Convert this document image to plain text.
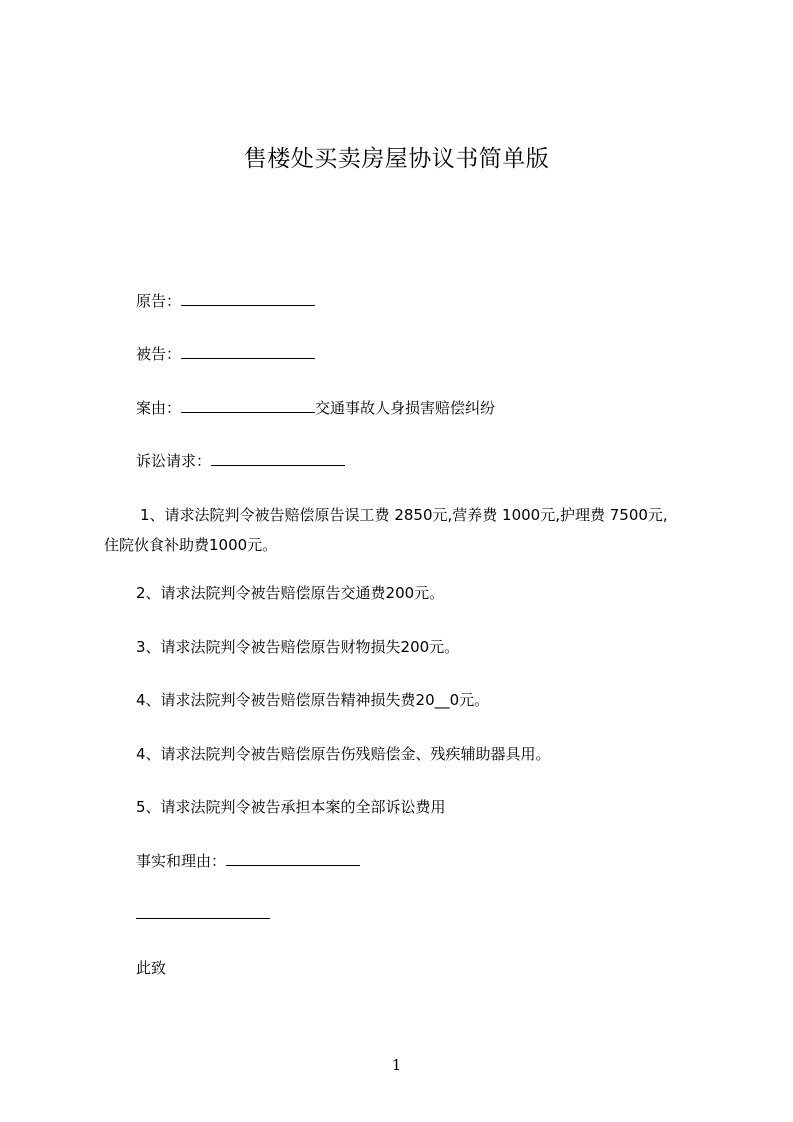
售楼处买卖房屋协议书简单版
原告：
被告：
案由：	交通事故人身损害赔偿纠纷
诉讼请求：
1、请求法院判令被告赔偿原告误工费 2850元,营养费 1000元,护理费 7500元,
住院伙食补助费1000元。
2、请求法院判令被告赔偿原告交通费200元。
3、请求法院判令被告赔偿原告财物损失200元。
4、请求法院判令被告赔偿原告精神损失费20__0元。
4、请求法院判令被告赔偿原告伤残赔偿金、残疾辅助器具用。
5、请求法院判令被告承担本案的全部诉讼费用
事实和理由：
此致
1
